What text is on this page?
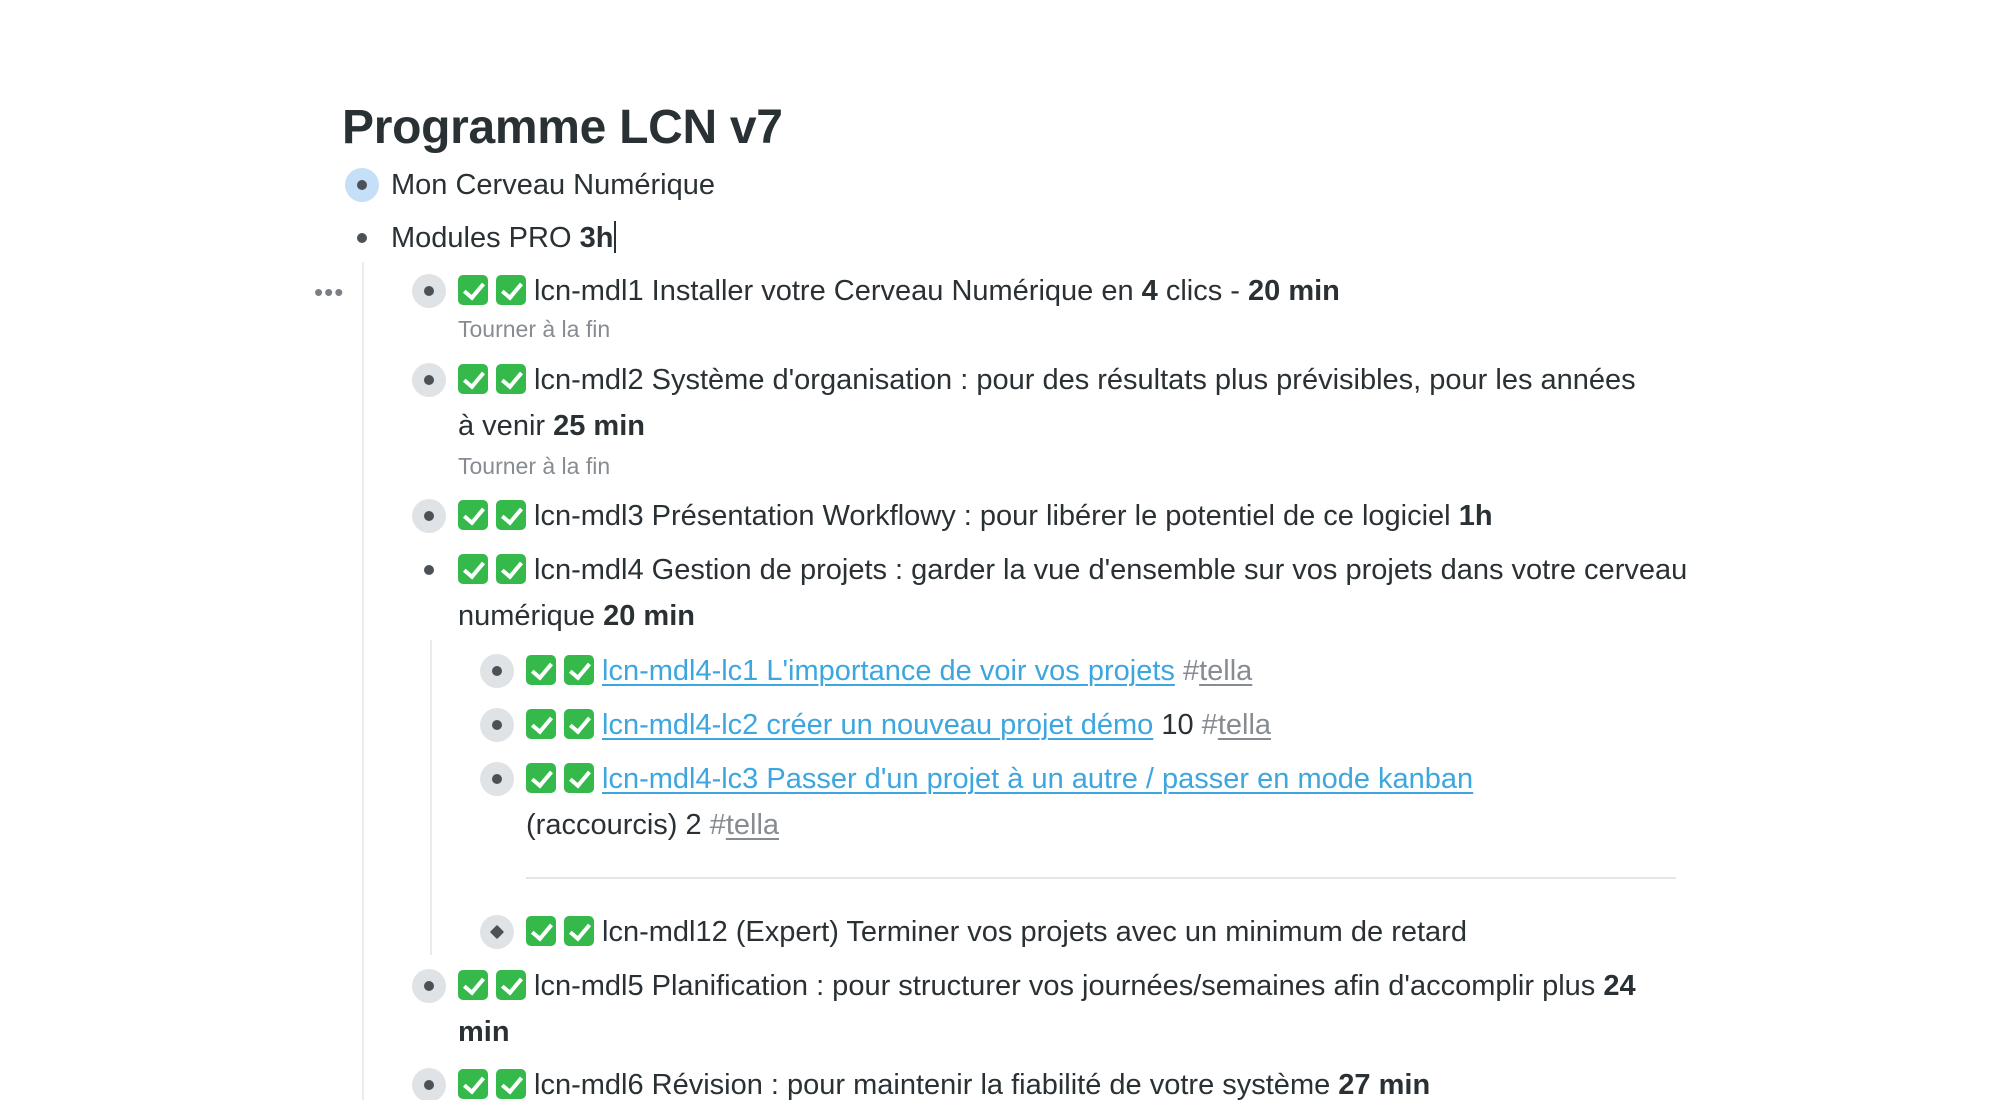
Programme LCN v7
Mon Cerveau Numérique
Modules PRO 3h
•••	lcn-mdl1 Installer votre Cerveau Numérique en 4 clics - 20 min
Tourner à la fin
lcn-mdl2 Système d'organisation : pour des résultats plus prévisibles, pour les années à venir 25 min
Tourner à la fin
lcn-mdl3 Présentation Workflowy : pour libérer le potentiel de ce logiciel 1h
lcn-mdl4 Gestion de projets : garder la vue d'ensemble sur vos projets dans votre cerveau numérique 20 min
lcn-mdl4-lc1 L'importance de voir vos projets #tella
lcn-mdl4-lc2 créer un nouveau projet démo 10 #tella
lcn-mdl4-lc3 Passer d'un projet à un autre / passer en mode kanban
(raccourcis) 2 #tella
lcn-mdl12 (Expert) Terminer vos projets avec un minimum de retard
lcn-mdl5 Planification : pour structurer vos journées/semaines afin d'accomplir plus 24 min
lcn-mdl6 Révision : pour maintenir la fiabilité de votre système 27 min
